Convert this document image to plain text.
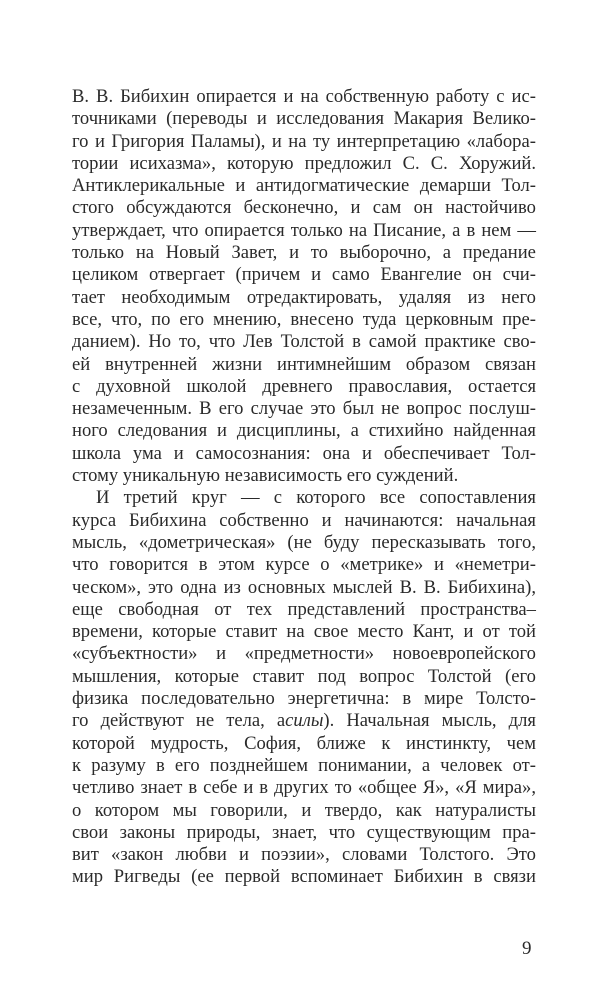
В. В. Бибихин опирается и на собственную работу с ис-
точниками (переводы и исследования Макария Велико-
го и Григория Паламы), и на ту интерпретацию «лабора-
тории исихазма», которую предложил С. С. Хоружий.
Антиклерикальные и антидогматические демарши Тол-
стого обсуждаются бесконечно, и сам он настойчиво
утверждает, что опирается только на Писание, а в нем —
только на Новый Завет, и то выборочно, а предание
целиком отвергает (причем и само Евангелие он счи-
тает необходимым отредактировать, удаляя из него
все, что, по его мнению, внесено туда церковным пре-
данием). Но то, что Лев Толстой в самой практике сво-
ей внутренней жизни интимнейшим образом связан
с духовной школой древнего православия, остается
незамеченным. В его случае это был не вопрос послуш-
ного следования и дисциплины, а стихийно найденная
школа ума и самосознания: она и обеспечивает Тол-
стому
уникальную
независимость
его
суждений.
И третий круг — с которого все сопоставления
курса Бибихина собственно и начинаются: начальная
мысль, «дометрическая» (не буду пересказывать того,
что говорится в этом курсе о «метрике» и «неметри-
ческом», это одна из основных мыслей В. В. Бибихина),
еще свободная от тех представлений пространства–
времени, которые ставит на свое место Кант, и от той
«субъектности» и «предметности» новоевропейского
мышления, которые ставит под вопрос Толстой (его
физика последовательно энергетична: в мире Толсто-
го действуют не тела, асилы). Начальная мысль, для
которой мудрость, София, ближе к инстинкту, чем
к разуму в его позднейшем понимании, а человек от-
четливо знает в себе и в других то «общее Я», «Я мира»,
о котором мы говорили, и твердо, как натуралисты
свои законы природы, знает, что существующим пра-
вит «закон любви и поэзии», словами Толстого. Это
мир Ригведы (ее первой вспоминает Бибихин в связи
9
